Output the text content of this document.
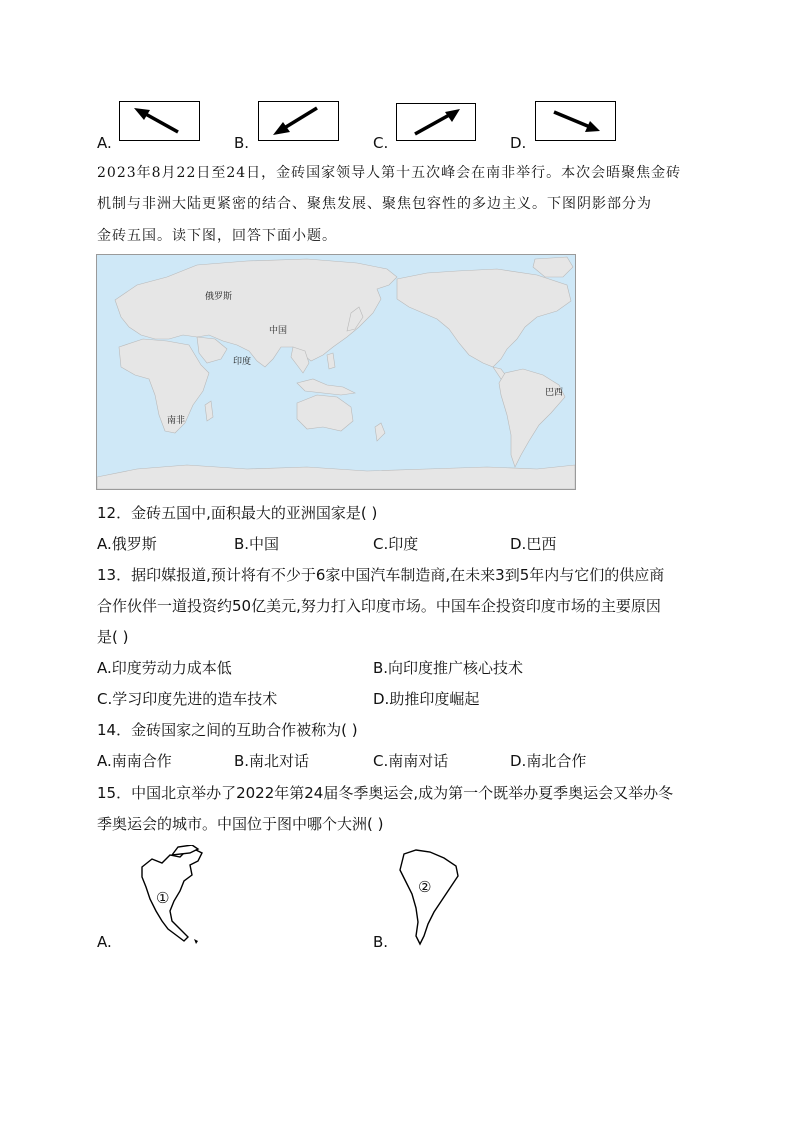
A.	B.	C.	D.
2023年8月22日至24日，金砖国家领导人第十五次峰会在南非举行。本次会晤聚焦金砖
机制与非洲大陆更紧密的结合、聚焦发展、聚焦包容性的多边主义。下图阴影部分为
金砖五国。读下图，回答下面小题。
俄罗斯
中国
印度
南非
巴西
12．金砖五国中,面积最大的亚洲国家是( )
A.俄罗斯	B.中国	C.印度	D.巴西
13．据印媒报道,预计将有不少于6家中国汽车制造商,在未来3到5年内与它们的供应商
合作伙伴一道投资约50亿美元,努力打入印度市场。中国车企投资印度市场的主要原因
是( )
A.印度劳动力成本低	B.向印度推广核心技术
C.学习印度先进的造车技术	D.助推印度崛起
14．金砖国家之间的互助合作被称为( )
A.南南合作	B.南北对话	C.南南对话	D.南北合作
15．中国北京举办了2022年第24届冬季奥运会,成为第一个既举办夏季奥运会又举办冬
季奥运会的城市。中国位于图中哪个大洲( )
A.
①
B.
②
